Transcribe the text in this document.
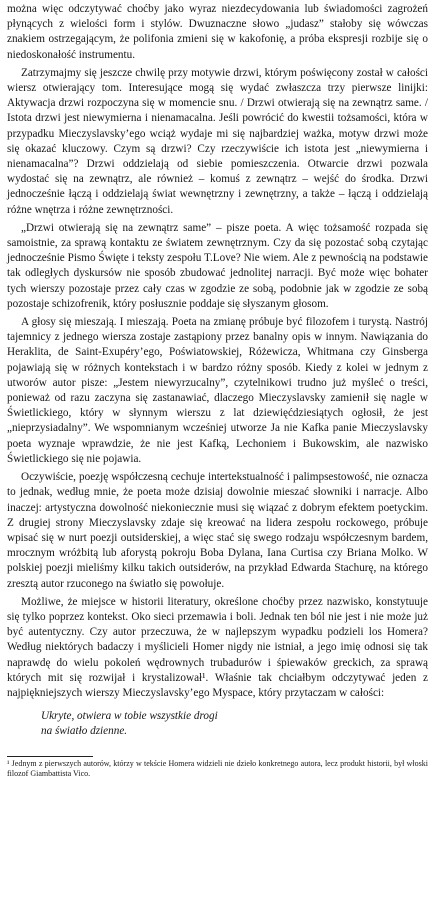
można więc odczytywać choćby jako wyraz niezdecydowania lub świadomości zagrożeń płynących z wielości form i stylów. Dwuznaczne słowo „judasz” stałoby się wówczas znakiem ostrzegającym, że polifonia zmieni się w kakofonię, a próba ekspresji rozbije się o niedoskonałość instrumentu.

Zatrzymajmy się jeszcze chwilę przy motywie drzwi, którym poświęcony został w całości wiersz otwierający tom. Interesujące mogą się wydać zwłaszcza trzy pierwsze linijki: Aktywacja drzwi rozpoczyna się w momencie snu. / Drzwi otwierają się na zewnątrz same. / Istota drzwi jest niewymierna i nienamacalna. Jeśli powrócić do kwestii tożsamości, która w przypadku Mieczyslavsky’ego wciąż wydaje mi się najbardziej ważka, motyw drzwi może się okazać kluczowy. Czym są drzwi? Czy rzeczywiście ich istota jest „niewymierna i nienamacalna”? Drzwi oddzielają od siebie pomieszczenia. Otwarcie drzwi pozwala wydostać się na zewnątrz, ale również – komuś z zewnątrz – wejść do środka. Drzwi jednocześnie łączą i oddzielają świat wewnętrzny i zewnętrzny, a także – łączą i oddzielają różne wnętrza i różne zewnętrzności.

„Drzwi otwierają się na zewnątrz same” – pisze poeta. A więc tożsamość rozpada się samoistnie, za sprawą kontaktu ze światem zewnętrznym. Czy da się pozostać sobą czytając jednocześnie Pismo Święte i teksty zespołu T.Love? Nie wiem. Ale z pewnością na podstawie tak odległych dyskursów nie sposób zbudować jednolitej narracji. Być może więc bohater tych wierszy pozostaje przez cały czas w zgodzie ze sobą, podobnie jak w zgodzie ze sobą pozostaje schizofrenik, który posłusznie poddaje się słyszanym głosom.

A głosy się mieszają. I mieszają. Poeta na zmianę próbuje być filozofem i turystą. Nastrój tajemnicy z jednego wiersza zostaje zastąpiony przez banalny opis w innym. Nawiązania do Heraklita, de Saint-Exupéry’ego, Poświatowskiej, Różewicza, Whitmana czy Ginsberga pojawiają się w różnych kontekstach i w bardzo różny sposób. Kiedy z kolei w jednym z utworów autor pisze: „Jestem niewyrzucalny”, czytelnikowi trudno już myśleć o treści, ponieważ od razu zaczyna się zastanawiać, dlaczego Mieczyslavsky zamienił się nagle w Świetlickiego, który w słynnym wierszu z lat dziewięćdziesiątych ogłosił, że jest „nieprzysiadalny”. We wspomnianym wcześniej utworze Ja nie Kafka panie Mieczyslavsky poeta wyznaje wprawdzie, że nie jest Kafką, Lechoniem i Bukowskim, ale nazwisko Świetlickiego się nie pojawia.

Oczywiście, poezję współczesną cechuje intertekstualność i palimpsestowość, nie oznacza to jednak, według mnie, że poeta może dzisiaj dowolnie mieszać słowniki i narracje. Albo inaczej: artystyczna dowolność niekoniecznie musi się wiązać z dobrym efektem poetyckim. Z drugiej strony Mieczyslavsky zdaje się kreować na lidera zespołu rockowego, próbuje wpisać się w nurt poezji outsiderskiej, a więc stać się swego rodzaju współczesnym bardem, mrocznym wróżbitą lub aforystą pokroju Boba Dylana, Iana Curtisa czy Briana Molko. W polskiej poezji mieliśmy kilku takich outsiderów, na przykład Edwarda Stachurę, na którego zresztą autor rzuconego na światło się powołuje.

Możliwe, że miejsce w historii literatury, określone choćby przez nazwisko, konstytuuje się tylko poprzez kontekst. Oko sieci przemawia i boli. Jednak ten ból nie jest i nie może już być autentyczny. Czy autor przeczuwa, że w najlepszym wypadku podzieli los Homera? Według niektórych badaczy i myślicieli Homer nigdy nie istniał, a jego imię odnosi się tak naprawdę do wielu pokoleń wędrownych trubadurów i śpiewaków greckich, za sprawą których mit się rozwijał i krystalizował¹. Właśnie tak chciałbym odczytywać jeden z najpiękniejszych wierszy Mieczyslavsky’ego Myspace, który przytaczam w całości:

Ukryte, otwiera w tobie wszystkie drogi
na światło dzienne.

¹ Jednym z pierwszych autorów, którzy w tekście Homera widzieli nie dzieło konkretnego autora, lecz produkt historii, był włoski filozof Giambattista Vico.
